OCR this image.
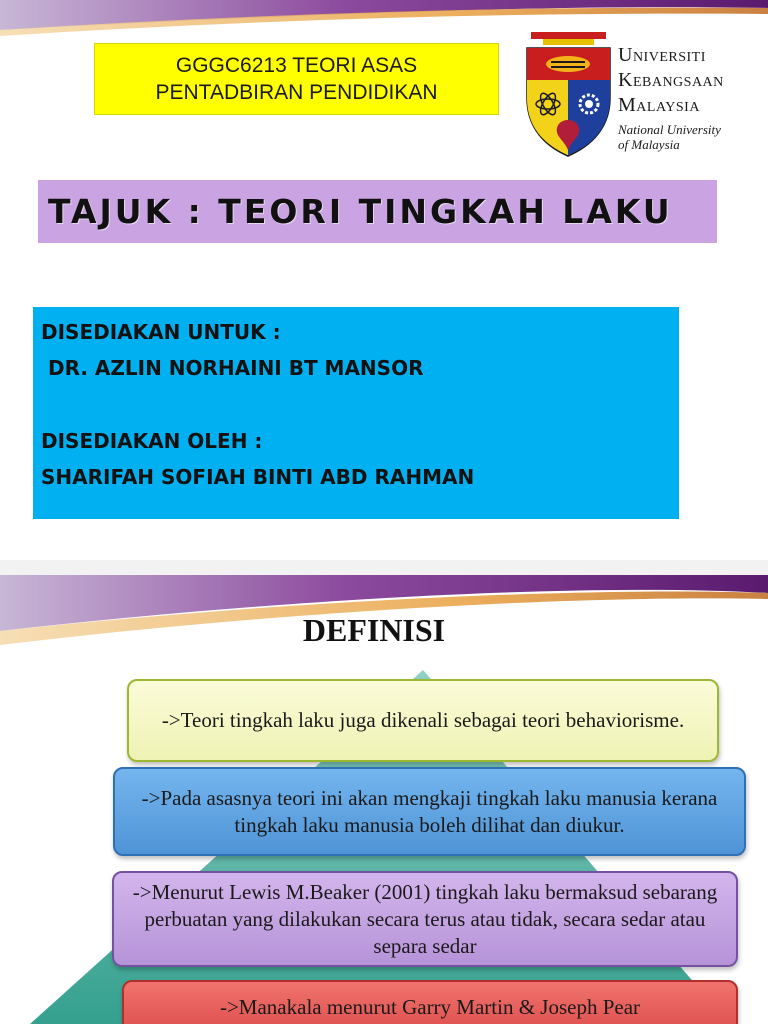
GGGC6213 TEORI ASAS
PENTADBIRAN PENDIDIKAN
Universiti
Kebangsaan
Malaysia
National University
of Malaysia
TAJUK : TEORI TINGKAH LAKU
DISEDIAKAN UNTUK :
DR. AZLIN NORHAINI BT MANSOR
DISEDIAKAN OLEH :
SHARIFAH SOFIAH BINTI ABD RAHMAN
DEFINISI
->Teori tingkah laku juga dikenali sebagai teori behaviorisme.
->Pada asasnya teori ini akan mengkaji tingkah laku manusia kerana tingkah laku manusia boleh dilihat dan diukur.
->Menurut Lewis M.Beaker (2001) tingkah laku bermaksud sebarang perbuatan yang dilakukan secara terus atau tidak, secara sedar atau separa sedar
->Manakala menurut Garry Martin & Joseph Pear
